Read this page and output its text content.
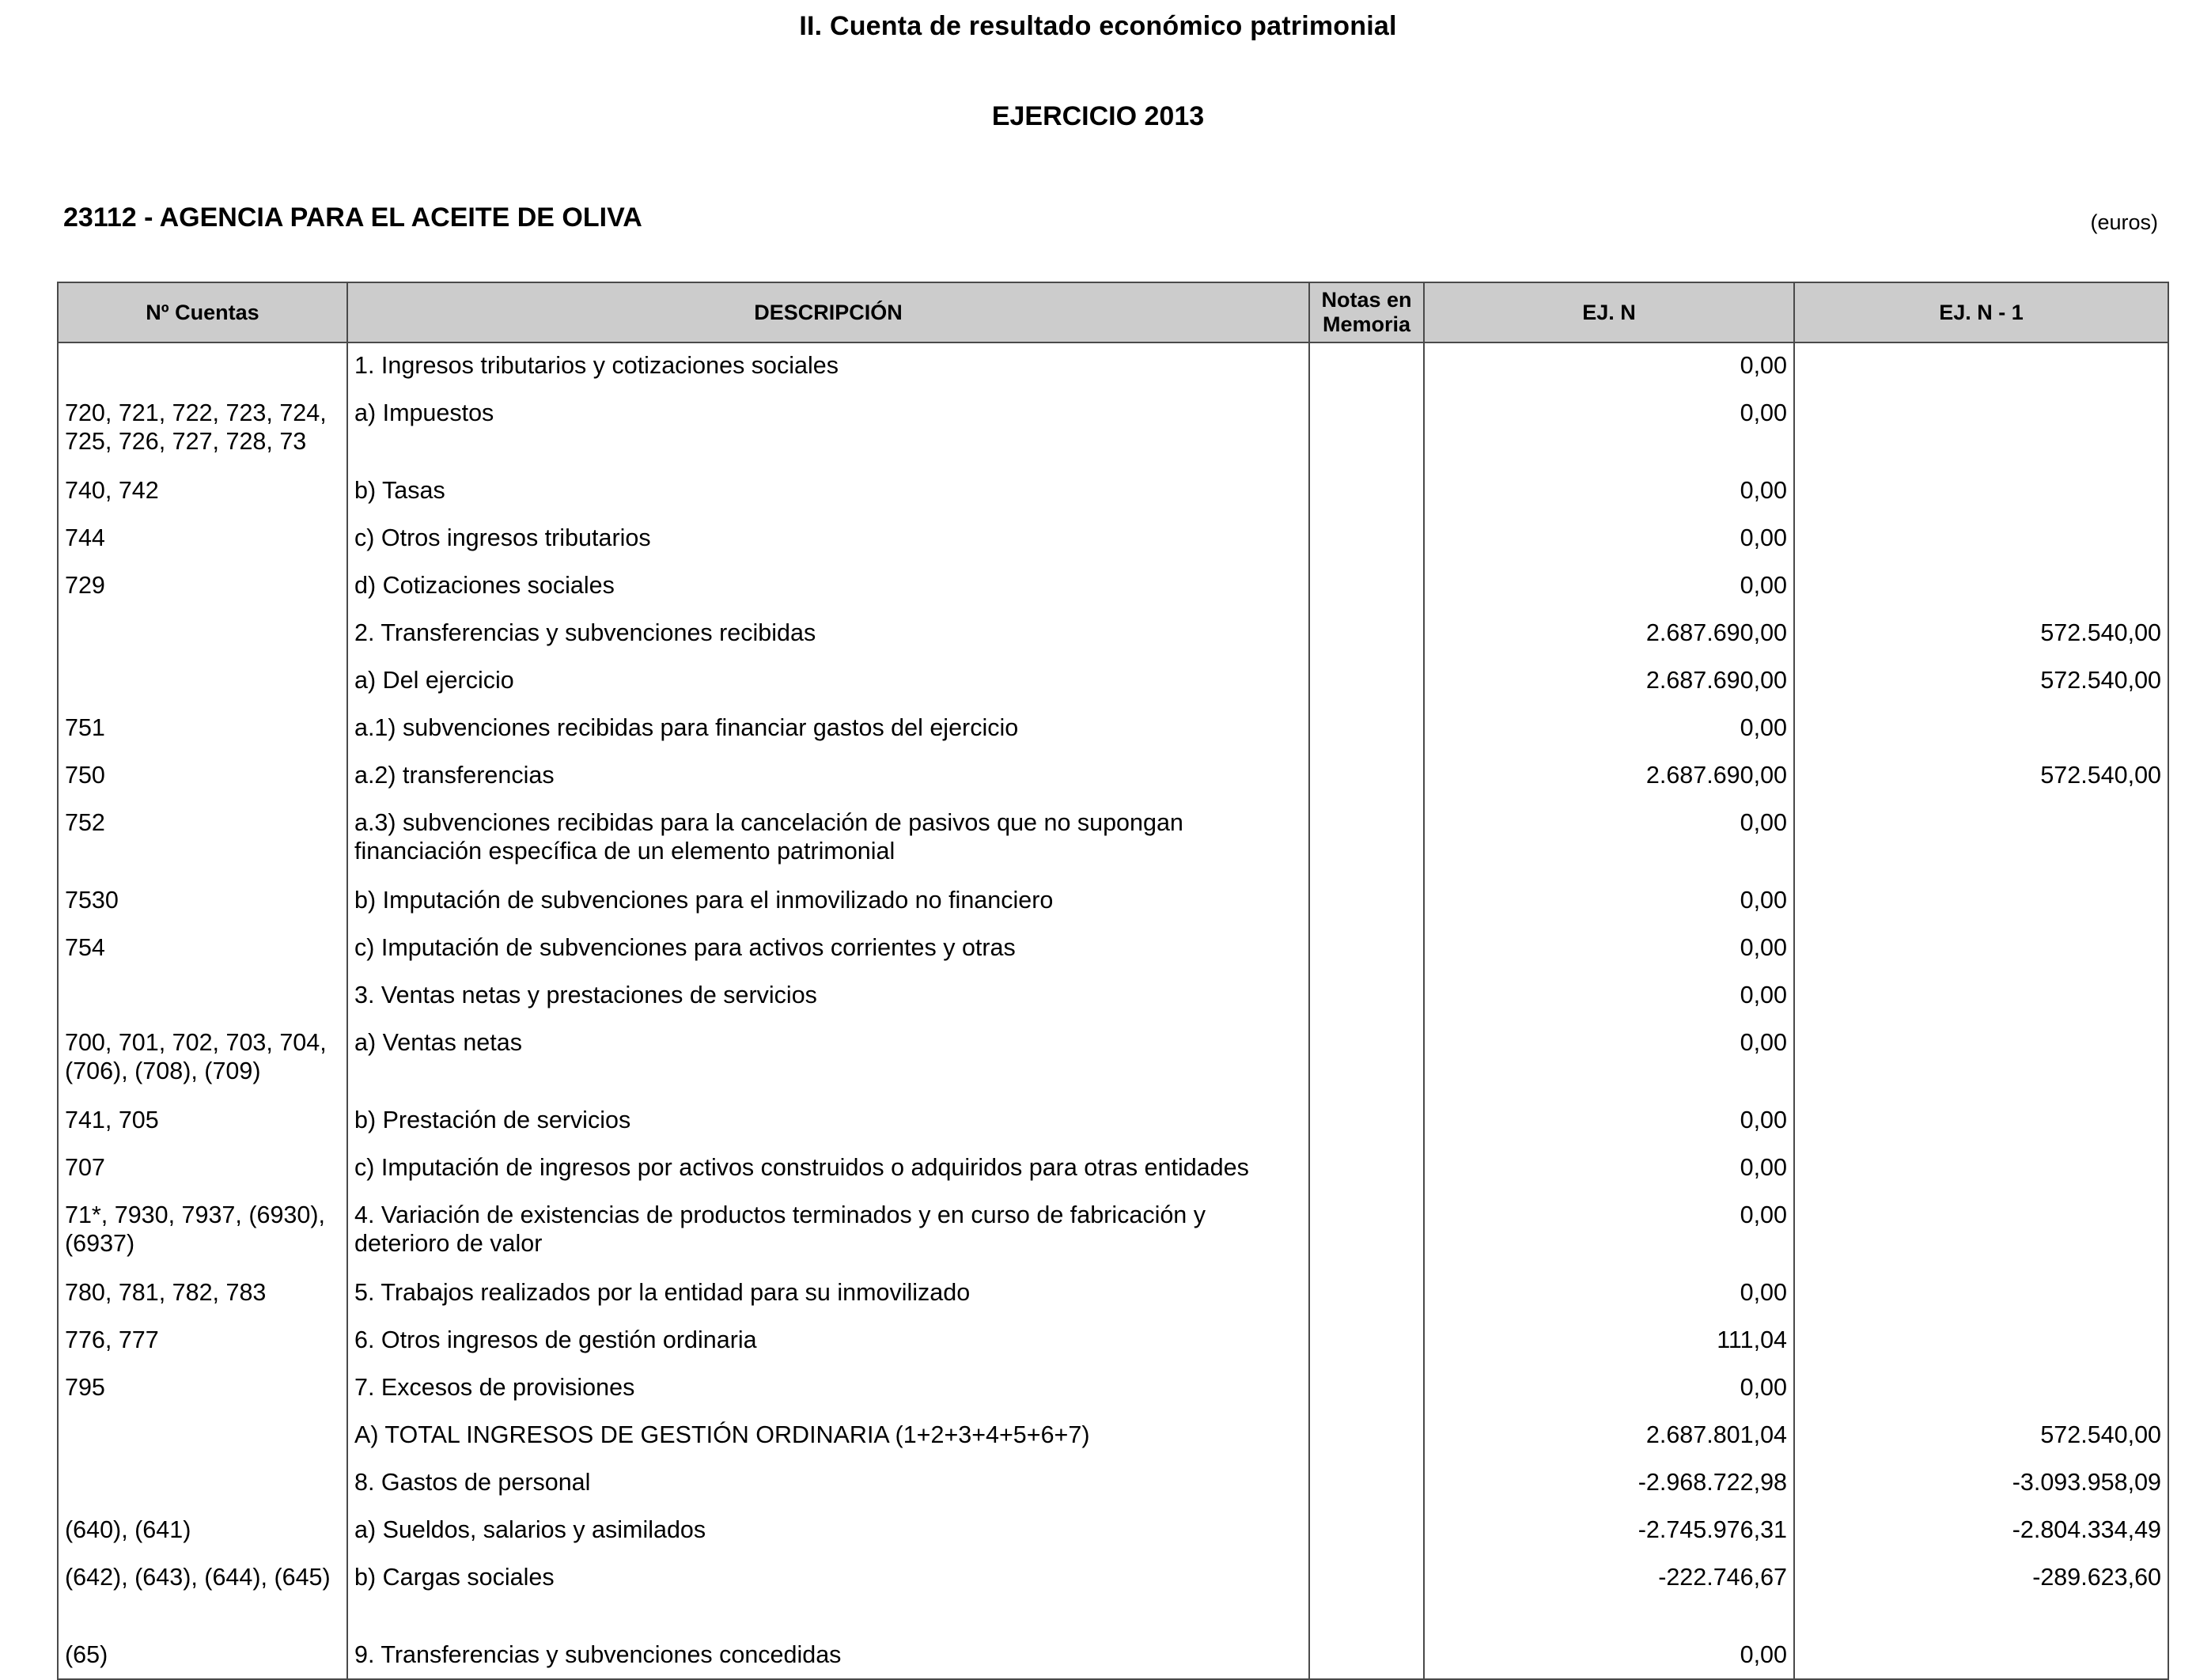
II. Cuenta de resultado económico patrimonial
EJERCICIO 2013
23112 - AGENCIA PARA EL ACEITE DE OLIVA	(euros)
Nº Cuentas	DESCRIPCIÓN	Notas en Memoria	EJ. N	EJ. N - 1
	1. Ingresos tributarios y cotizaciones sociales		0,00	
720, 721, 722, 723, 724, 725, 726, 727, 728, 73	a) Impuestos		0,00	
740, 742	b) Tasas		0,00	
744	c) Otros ingresos tributarios		0,00	
729	d) Cotizaciones sociales		0,00	
	2. Transferencias y subvenciones recibidas		2.687.690,00	572.540,00
	a) Del ejercicio		2.687.690,00	572.540,00
751	a.1) subvenciones recibidas para financiar gastos del ejercicio		0,00	
750	a.2) transferencias		2.687.690,00	572.540,00
752	a.3) subvenciones recibidas para la cancelación de pasivos que no supongan financiación específica de un elemento patrimonial		0,00	
7530	b) Imputación de subvenciones para el inmovilizado no financiero		0,00	
754	c) Imputación de subvenciones para activos corrientes y otras		0,00	
	3. Ventas netas y prestaciones de servicios		0,00	
700, 701, 702, 703, 704, (706), (708), (709)	a) Ventas netas		0,00	
741, 705	b) Prestación de servicios		0,00	
707	c) Imputación de ingresos por activos construidos o adquiridos para otras entidades		0,00	
71*, 7930, 7937, (6930), (6937)	4. Variación de existencias de productos terminados y en curso de fabricación y deterioro de valor		0,00	
780, 781, 782, 783	5. Trabajos realizados por la entidad para su inmovilizado		0,00	
776, 777	6. Otros ingresos de gestión ordinaria		111,04	
795	7. Excesos de provisiones		0,00	
	A) TOTAL INGRESOS DE GESTIÓN ORDINARIA (1+2+3+4+5+6+7)		2.687.801,04	572.540,00
	8. Gastos de personal		-2.968.722,98	-3.093.958,09
(640), (641)	a) Sueldos, salarios y asimilados		-2.745.976,31	-2.804.334,49
(642), (643), (644), (645)	b) Cargas sociales		-222.746,67	-289.623,60
(65)	9. Transferencias y subvenciones concedidas		0,00	
